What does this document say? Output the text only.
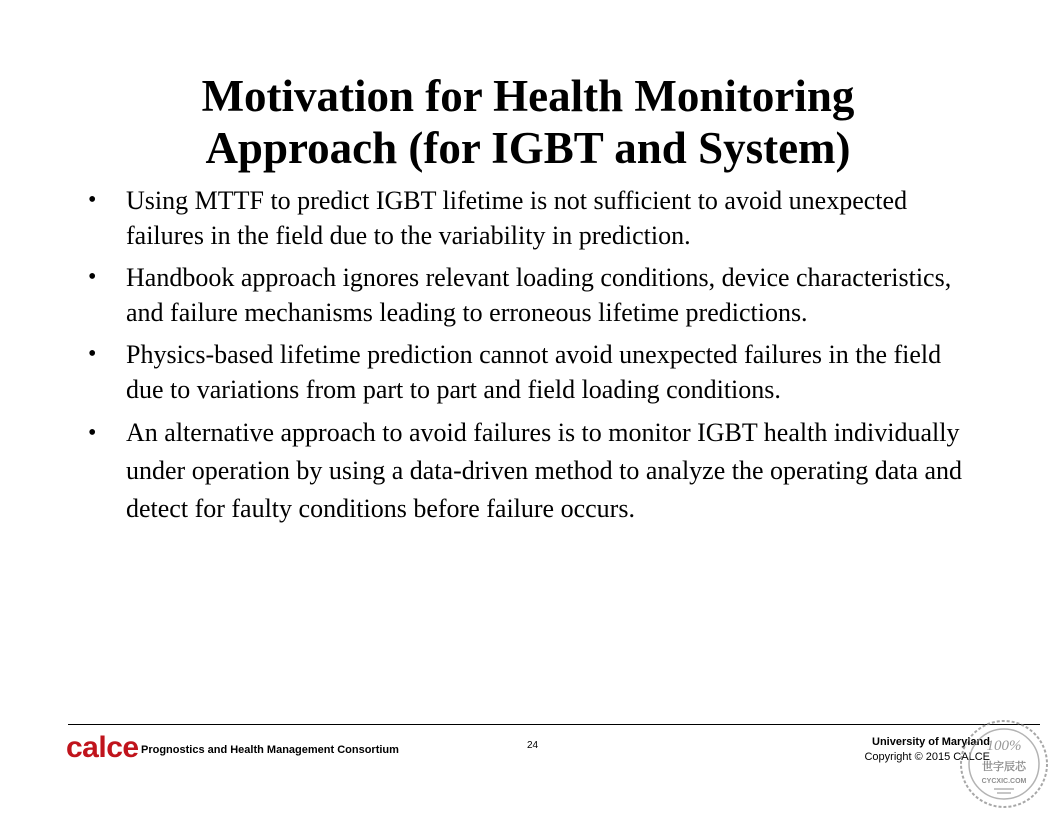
Motivation for Health Monitoring
Approach (for IGBT and System)
• Using MTTF to predict IGBT lifetime is not sufficient to avoid unexpected failures in the field due to the variability in prediction.
• Handbook approach ignores relevant loading conditions, device characteristics, and failure mechanisms leading to erroneous lifetime predictions.
• Physics-based lifetime prediction cannot avoid unexpected failures in the field due to variations from part to part and field loading conditions.
• An alternative approach to avoid failures is to monitor IGBT health individually under operation by using a data-driven method to analyze the operating data and detect for faulty conditions before failure occurs.
calce Prognostics and Health Management Consortium	24	University of Maryland
Copyright © 2015 CALCE
100%
世字辰芯
CYCXIC.COM
